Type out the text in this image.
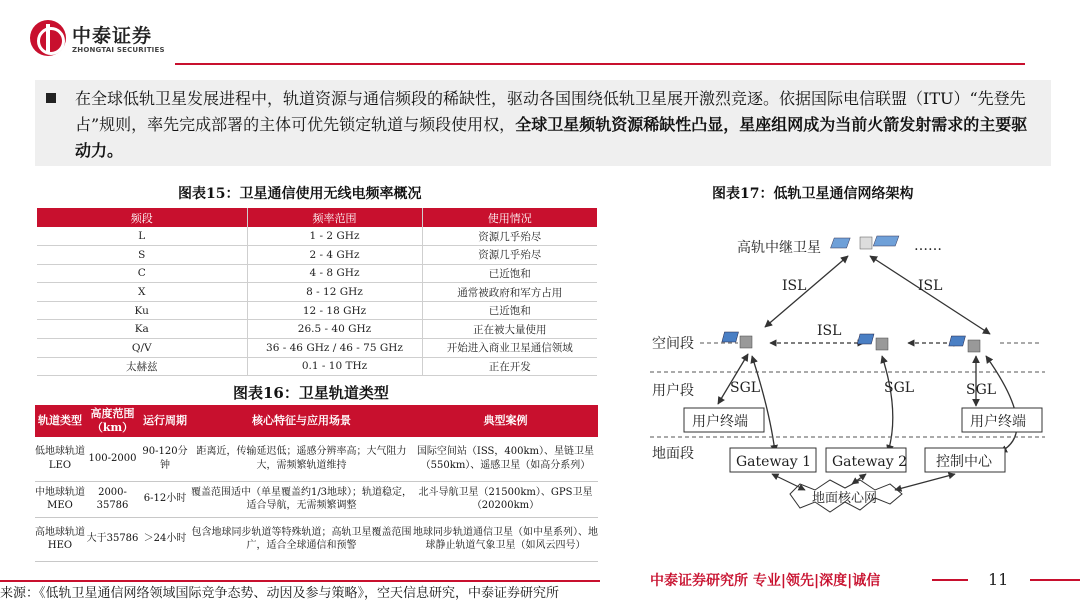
中泰证券
ZHONGTAI SECURITIES

在全球低轨卫星发展进程中，轨道资源与通信频段的稀缺性，驱动各国围绕低轨卫星展开激烈竞逐。依据国际电信联盟（ITU）“先登先占”规则，率先完成部署的主体可优先锁定轨道与频段使用权，全球卫星频轨资源稀缺性凸显，星座组网成为当前火箭发射需求的主要驱动力。

图表15：卫星通信使用无线电频率概况
频段	频率范围	使用情况
L	1 - 2 GHz	资源几乎殆尽
S	2 - 4 GHz	资源几乎殆尽
C	4 - 8 GHz	已近饱和
X	8 - 12 GHz	通常被政府和军方占用
Ku	12 - 18 GHz	已近饱和
Ka	26.5 - 40 GHz	正在被大量使用
Q/V	36 - 46 GHz / 46 - 75 GHz	开始进入商业卫星通信领域
太赫兹	0.1 - 10 THz	正在开发
图表16：卫星轨道类型
轨道类型	高度范围（km）	运行周期	核心特征与应用场景	典型案例
低地球轨道LEO	100-2000	90-120分钟	距离近，传输延迟低；遥感分辨率高；大气阻力大，需频繁轨道维持	国际空间站（ISS，400km）、星链卫星（550km）、遥感卫星（如高分系列）
中地球轨道MEO	2000-35786	6-12小时	覆盖范围适中（单星覆盖约1/3地球）；轨道稳定，适合导航，无需频繁调整	北斗导航卫星（21500km）、GPS卫星（20200km）
高地球轨道HEO	大于35786	＞24小时	包含地球同步轨道等特殊轨道；高轨卫星覆盖范围广，适合全球通信和预警	地球同步轨道通信卫星（如中星系列）、地球静止轨道气象卫星（如风云四号）
图表17：低轨卫星通信网络架构
高轨中继卫星	……
ISL	ISL
空间段
ISL
用户段	SGL	SGL	SGL
用户终端	用户终端
地面段	Gateway 1 Gateway 2 控制中心
地面核心网
来源：《低轨卫星通信网络领域国际竞争态势、动因及参与策略》，空天信息研究，中泰证券研究所
中泰证券研究所 专业|领先|深度|诚信	11
